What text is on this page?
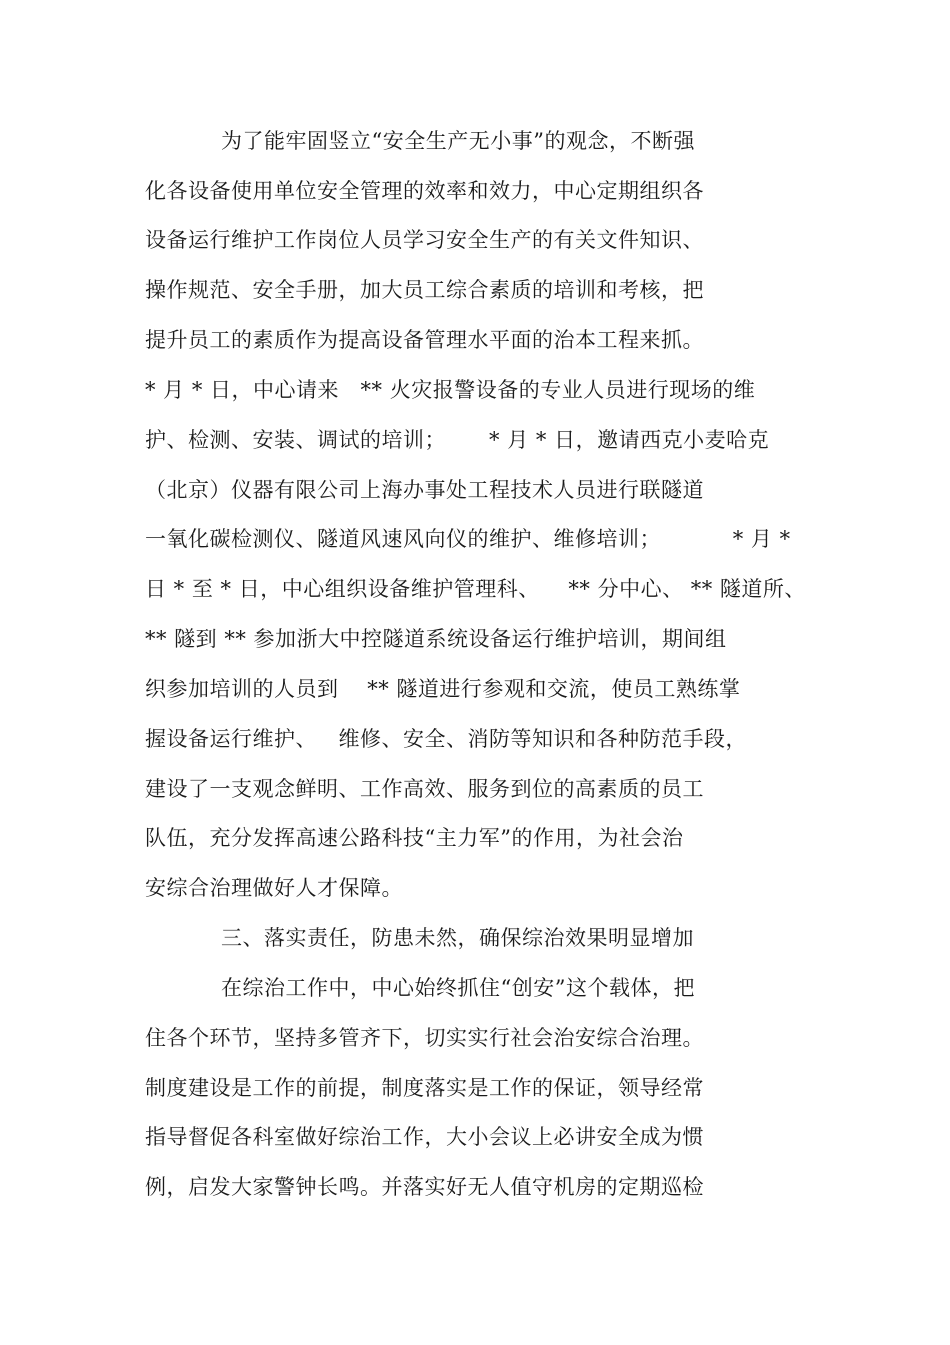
为了能牢固竖立“安全生产无小事”的观念，不断强
化各设备使用单位安全管理的效率和效力，中心定期组织各
设备运行维护工作岗位人员学习安全生产的有关文件知识、
操作规范、安全手册，加大员工综合素质的培训和考核，把
提升员工的素质作为提高设备管理水平面的治本工程来抓。
* 月 * 日，中心请来   ** 火灾报警设备的专业人员进行现场的维
护、检测、安装、调试的培训；      * 月 * 日，邀请西克小麦哈克
（北京）仪器有限公司上海办事处工程技术人员进行联隧道
一氧化碳检测仪、隧道风速风向仪的维护、维修培训；          * 月 *
日 * 至 * 日，中心组织设备维护管理科、    ** 分中心、 ** 隧道所、
** 隧到 ** 参加浙大中控隧道系统设备运行维护培训，期间组
织参加培训的人员到    ** 隧道进行参观和交流，使员工熟练掌
握设备运行维护、   维修、安全、消防等知识和各种防范手段，
建设了一支观念鲜明、工作高效、服务到位的高素质的员工
队伍，充分发挥高速公路科技“主力军”的作用，为社会治
安综合治理做好人才保障。
三、落实责任，防患未然，确保综治效果明显增加
在综治工作中，中心始终抓住“创安”这个载体，把
住各个环节，坚持多管齐下，切实实行社会治安综合治理。
制度建设是工作的前提，制度落实是工作的保证，领导经常
指导督促各科室做好综治工作，大小会议上必讲安全成为惯
例，启发大家警钟长鸣。并落实好无人值守机房的定期巡检
